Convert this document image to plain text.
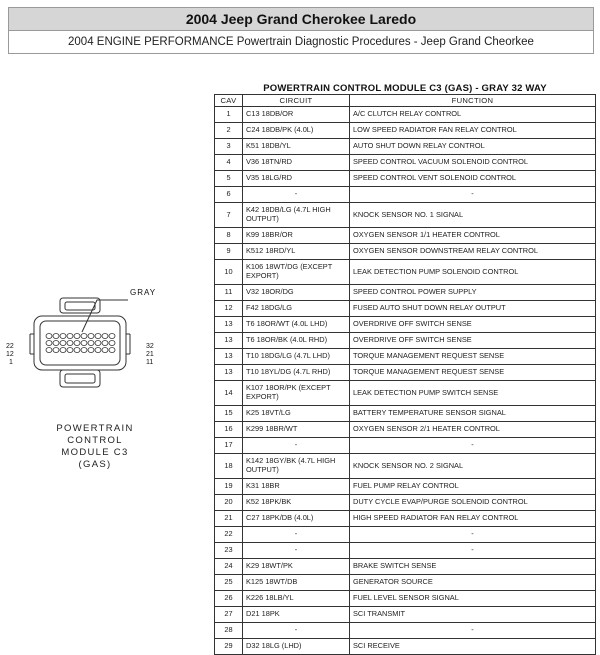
2004 Jeep Grand Cherokee Laredo
2004 ENGINE PERFORMANCE Powertrain Diagnostic Procedures - Jeep Grand Cheorkee
GRAY
22
12
1
32
21
11
POWERTRAIN
CONTROL
MODULE C3
(GAS)
POWERTRAIN CONTROL MODULE C3 (GAS) - GRAY 32 WAY
CAV	CIRCUIT	FUNCTION
1	C13 18DB/OR	A/C CLUTCH RELAY CONTROL
2	C24 18DB/PK (4.0L)	LOW SPEED RADIATOR FAN RELAY CONTROL
3	K51 18DB/YL	AUTO SHUT DOWN RELAY CONTROL
4	V36 18TN/RD	SPEED CONTROL VACUUM SOLENOID CONTROL
5	V35 18LG/RD	SPEED CONTROL VENT SOLENOID CONTROL
6	-	-
7	K42 18DB/LG (4.7L HIGH OUTPUT)	KNOCK SENSOR NO. 1 SIGNAL
8	K99 18BR/OR	OXYGEN SENSOR 1/1 HEATER CONTROL
9	K512 18RD/YL	OXYGEN SENSOR DOWNSTREAM RELAY CONTROL
10	K106 18WT/DG (EXCEPT EXPORT)	LEAK DETECTION PUMP SOLENOID CONTROL
11	V32 18OR/DG	SPEED CONTROL POWER SUPPLY
12	F42 18DG/LG	FUSED AUTO SHUT DOWN RELAY OUTPUT
13	T6 18OR/WT (4.0L LHD)	OVERDRIVE OFF SWITCH SENSE
13	T6 18OR/BK (4.0L RHD)	OVERDRIVE OFF SWITCH SENSE
13	T10 18DG/LG (4.7L LHD)	TORQUE MANAGEMENT REQUEST SENSE
13	T10 18YL/DG (4.7L RHD)	TORQUE MANAGEMENT REQUEST SENSE
14	K107 18OR/PK (EXCEPT EXPORT)	LEAK DETECTION PUMP SWITCH SENSE
15	K25 18VT/LG	BATTERY TEMPERATURE SENSOR SIGNAL
16	K299 18BR/WT	OXYGEN SENSOR 2/1 HEATER CONTROL
17	-	-
18	K142 18GY/BK (4.7L HIGH OUTPUT)	KNOCK SENSOR NO. 2 SIGNAL
19	K31 18BR	FUEL PUMP RELAY CONTROL
20	K52 18PK/BK	DUTY CYCLE EVAP/PURGE SOLENOID CONTROL
21	C27 18PK/DB (4.0L)	HIGH SPEED RADIATOR FAN RELAY CONTROL
22	-	-
23	-	-
24	K29 18WT/PK	BRAKE SWITCH SENSE
25	K125 18WT/DB	GENERATOR SOURCE
26	K226 18LB/YL	FUEL LEVEL SENSOR SIGNAL
27	D21 18PK	SCI TRANSMIT
28	-	-
29	D32 18LG (LHD)	SCI RECEIVE
